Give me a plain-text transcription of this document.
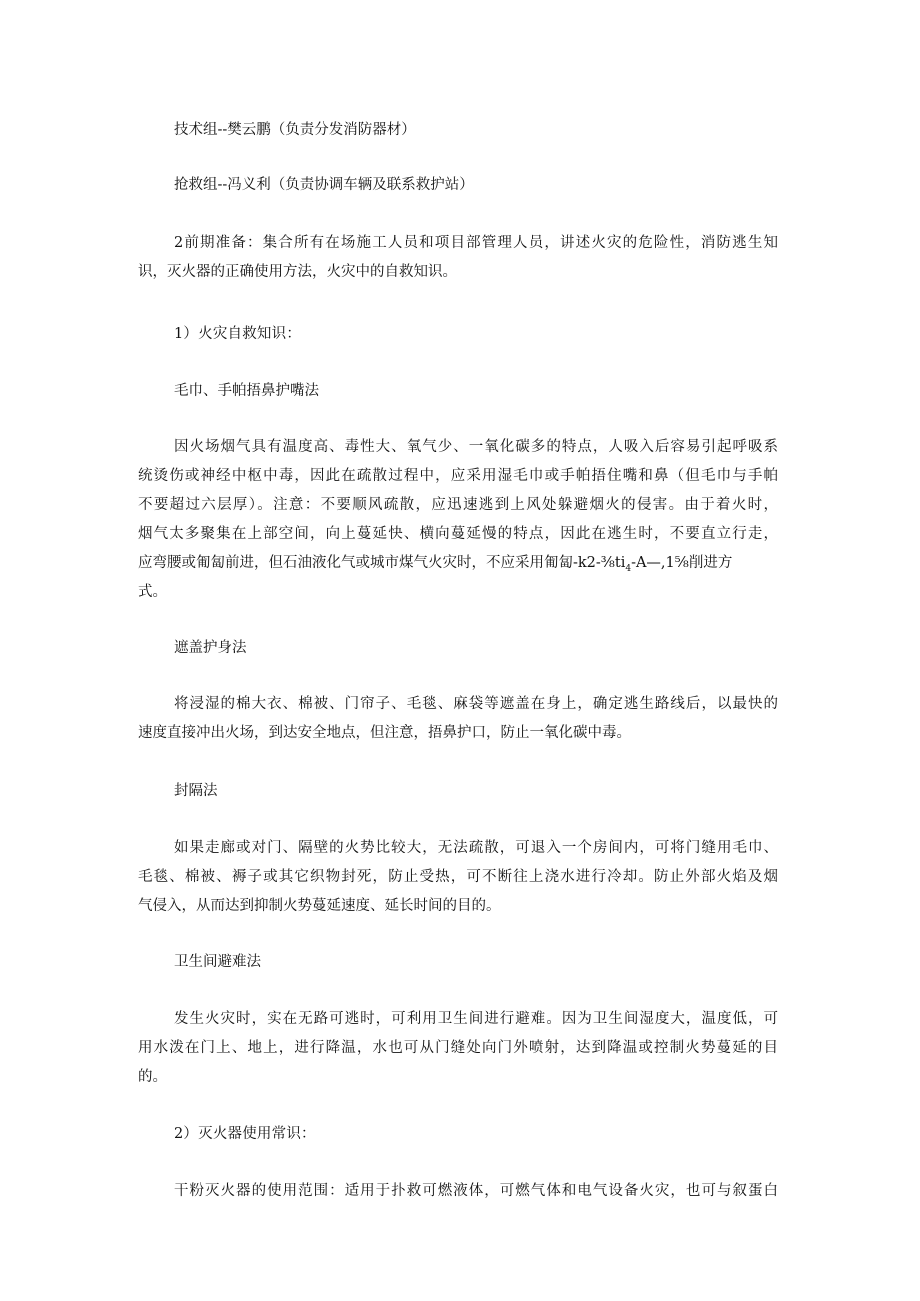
技术组--樊云鹏（负责分发消防器材）
抢救组--冯义利（负责协调车辆及联系救护站）
2前期准备：集合所有在场施工人员和项目部管理人员，讲述火灾的危险性，消防逃生知
识，灭火器的正确使用方法，火灾中的自救知识。
1）火灾自救知识：
毛巾、手帕捂鼻护嘴法
因火场烟气具有温度高、毒性大、氧气少、一氧化碳多的特点，人吸入后容易引起呼吸系
统烫伤或神经中枢中毒，因此在疏散过程中，应采用湿毛巾或手帕捂住嘴和鼻（但毛巾与手帕
不要超过六层厚）。注意：不要顺风疏散，应迅速逃到上风处躲避烟火的侵害。由于着火时，
烟气太多聚集在上部空间，向上蔓延快、横向蔓延慢的特点，因此在逃生时，不要直立行走，
应弯腰或匍匐前进，但石油液化气或城市煤气火灾时，不应采用匍匐$-k2-\frac{3}{8}ti_4-A—,1\frac{5}{8}$削进方
式。
遮盖护身法
将浸湿的棉大衣、棉被、门帘子、毛毯、麻袋等遮盖在身上，确定逃生路线后，以最快的
速度直接冲出火场，到达安全地点，但注意，捂鼻护口，防止一氧化碳中毒。
封隔法
如果走廊或对门、隔壁的火势比较大，无法疏散，可退入一个房间内，可将门缝用毛巾、
毛毯、棉被、褥子或其它织物封死，防止受热，可不断往上浇水进行冷却。防止外部火焰及烟
气侵入，从而达到抑制火势蔓延速度、延长时间的目的。
卫生间避难法
发生火灾时，实在无路可逃时，可利用卫生间进行避难。因为卫生间湿度大，温度低，可
用水泼在门上、地上，进行降温，水也可从门缝处向门外喷射，达到降温或控制火势蔓延的目
的。
2）灭火器使用常识：
干粉灭火器的使用范围：适用于扑救可燃液体，可燃气体和电气设备火灾，也可与叙蛋白
